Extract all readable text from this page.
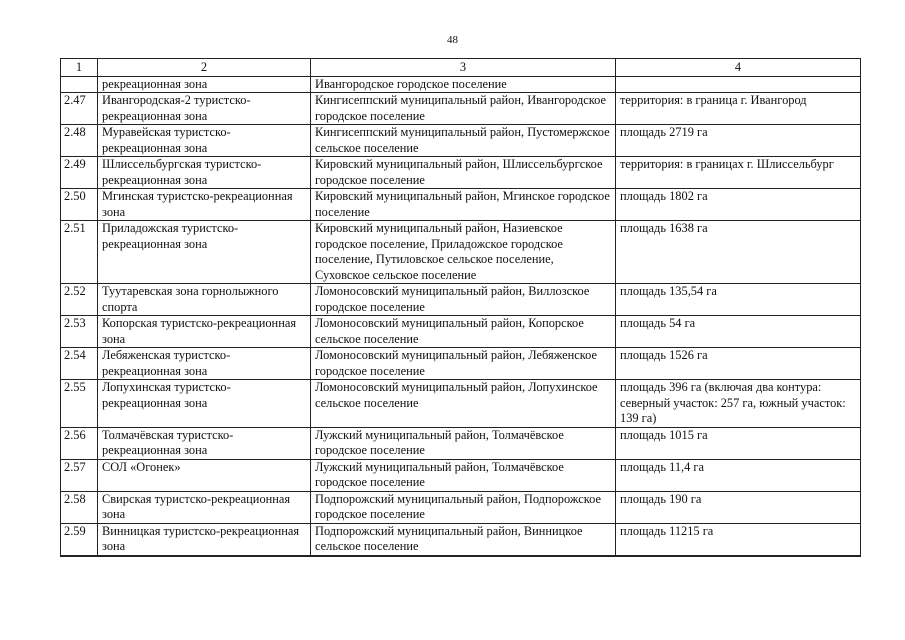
48
1	2	3	4
	рекреационная зона	Ивангородское городское поселение	
2.47	Ивангородская-2 туристско-рекреационная зона	Кингисеппский муниципальный район, Ивангородское городское поселение	территория: в граница г. Ивангород
2.48	Муравейская туристско-рекреационная зона	Кингисеппский муниципальный район, Пустомержское сельское поселение	площадь 2719 га
2.49	Шлиссельбургская туристско-рекреационная зона	Кировский муниципальный район, Шлиссельбургское городское поселение	территория: в границах г. Шлиссельбург
2.50	Мгинская туристско-рекреационная зона	Кировский муниципальный район, Мгинское городское поселение	площадь 1802 га
2.51	Приладожская туристско-рекреационная зона	Кировский муниципальный район, Назиевское городское поселение, Приладожское городское поселение, Путиловское сельское поселение, Суховское сельское поселение	площадь 1638 га
2.52	Туутаревская зона горнолыжного спорта	Ломоносовский муниципальный район, Виллозское городское поселение	площадь 135,54 га
2.53	Копорская туристско-рекреационная зона	Ломоносовский муниципальный район, Копорское сельское поселение	площадь 54 га
2.54	Лебяженская туристско-рекреационная зона	Ломоносовский муниципальный район, Лебяженское городское поселение	площадь 1526 га
2.55	Лопухинская туристско-рекреационная зона	Ломоносовский муниципальный район, Лопухинское сельское поселение	площадь 396 га (включая два контура: северный участок: 257 га, южный участок: 139 га)
2.56	Толмачёвская туристско-рекреационная зона	Лужский муниципальный район, Толмачёвское городское поселение	площадь 1015 га
2.57	СОЛ «Огонек»	Лужский муниципальный район, Толмачёвское городское поселение	площадь 11,4 га
2.58	Свирская туристско-рекреационная зона	Подпорожский муниципальный район, Подпорожское городское поселение	площадь 190 га
2.59	Винницкая туристско-рекреационная зона	Подпорожский муниципальный район, Винницкое сельское поселение	площадь 11215 га
